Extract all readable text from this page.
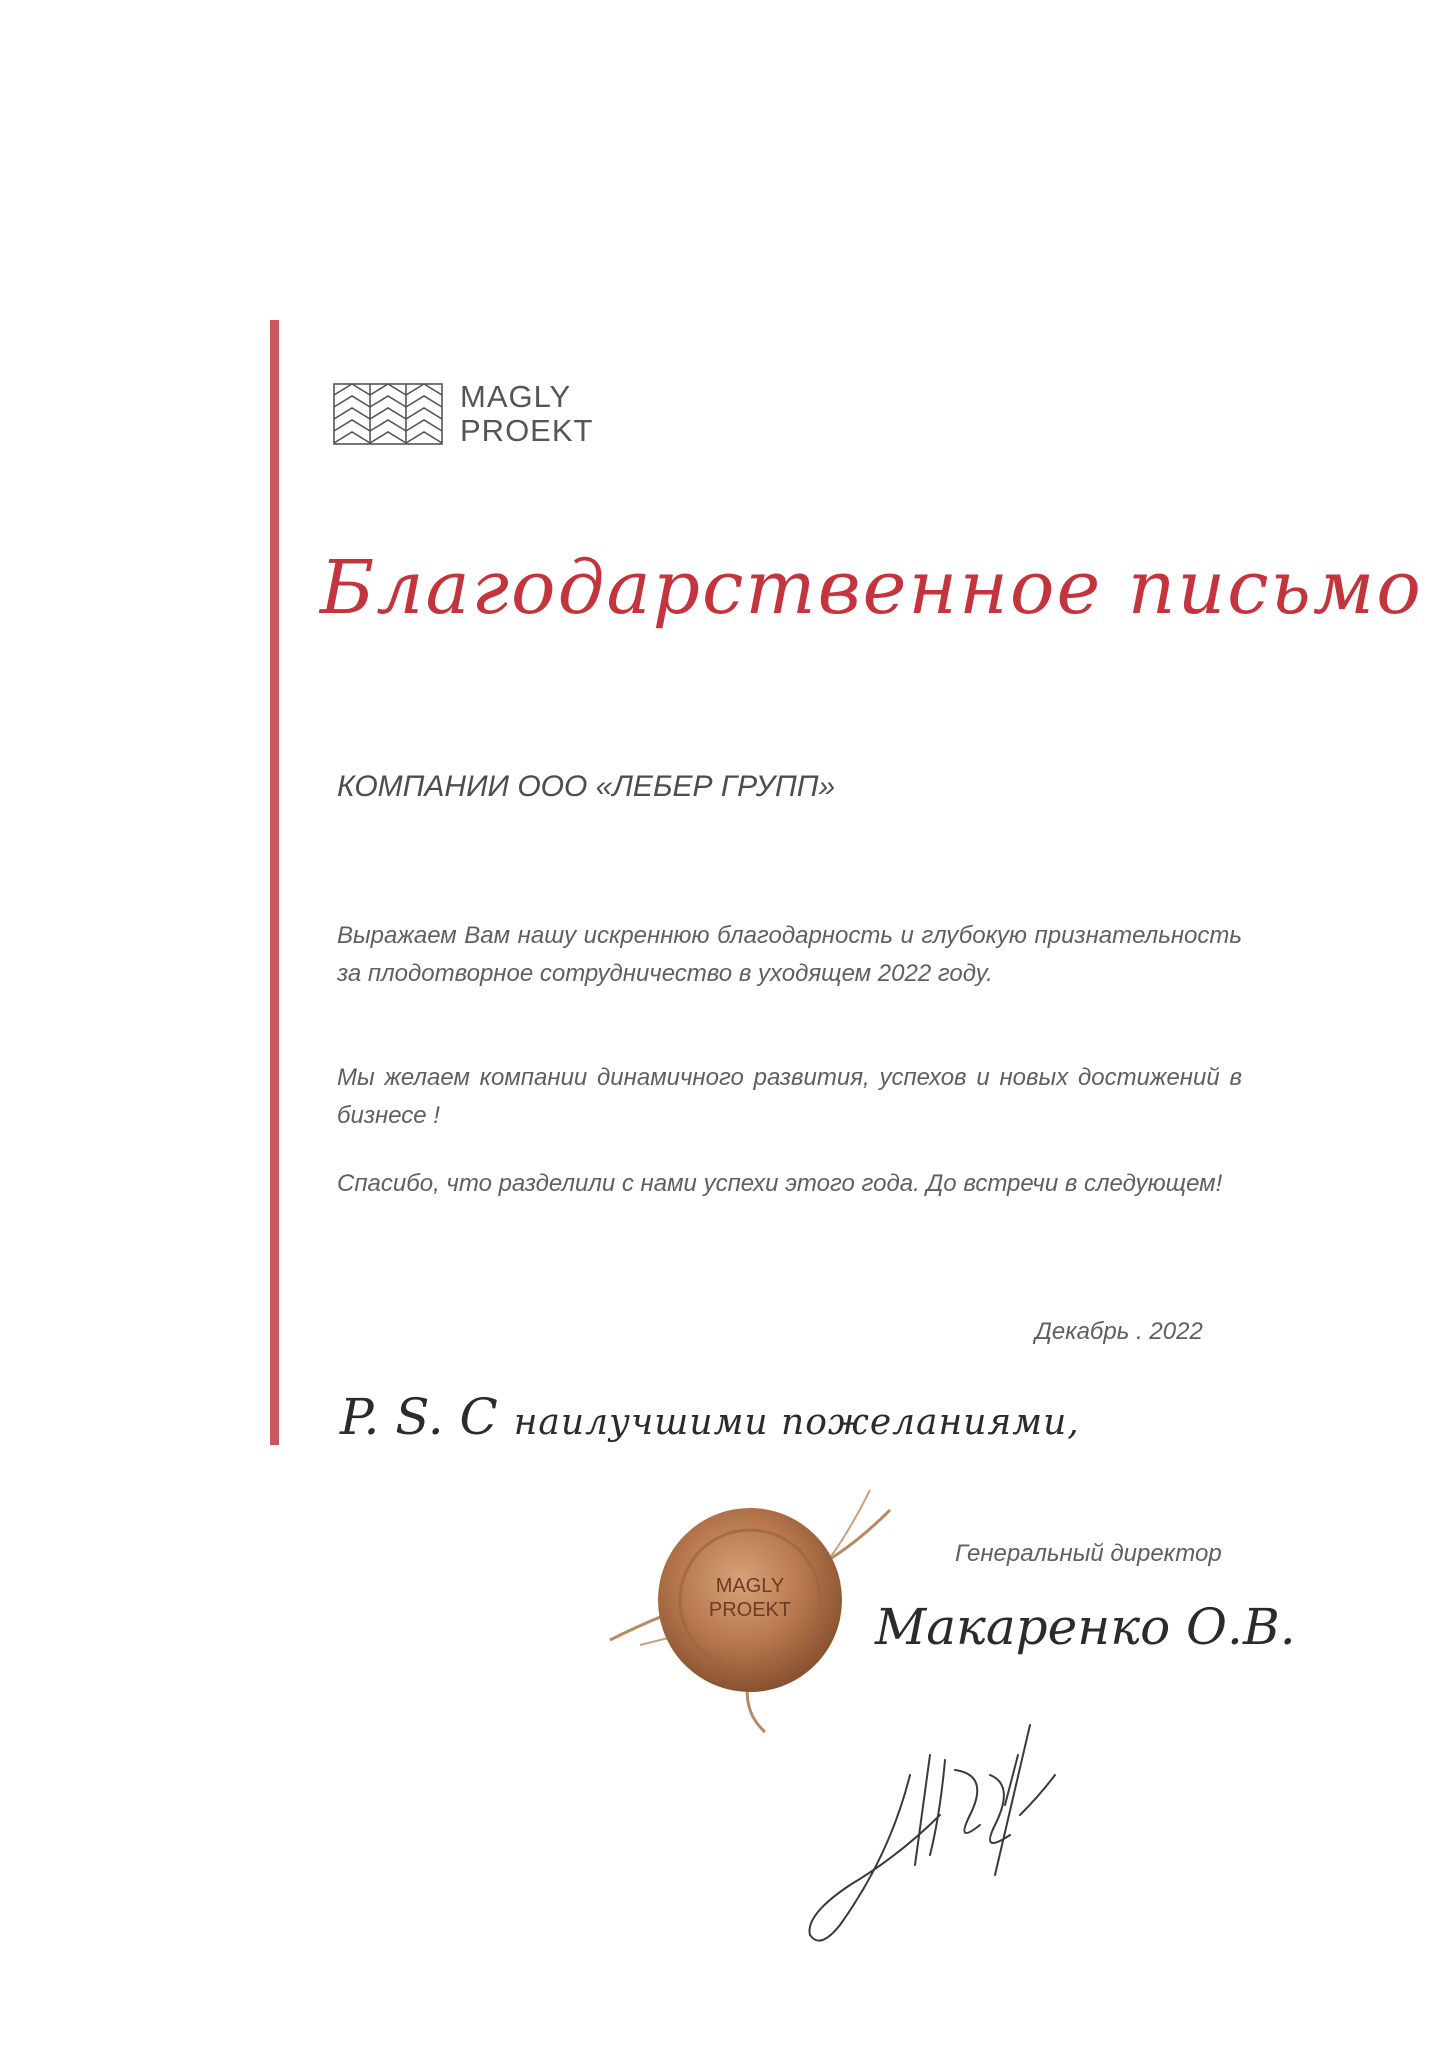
MAGLY
PROEKT
Благодарственное письмо
КОМПАНИИ ООО «ЛЕБЕР ГРУПП»
Выражаем Вам нашу искреннюю благодарность и глубокую признательность за плодотворное сотрудничество в уходящем 2022 году.
Мы желаем компании динамичного развития, успехов и новых достижений в бизнесе !
Спасибо, что разделили с нами успехи этого года. До встречи в следующем!
Декабрь . 2022
P. S. С наилучшими пожеланиями,
MAGLY
PROEKT
Генеральный директор
Макаренко О.В.
